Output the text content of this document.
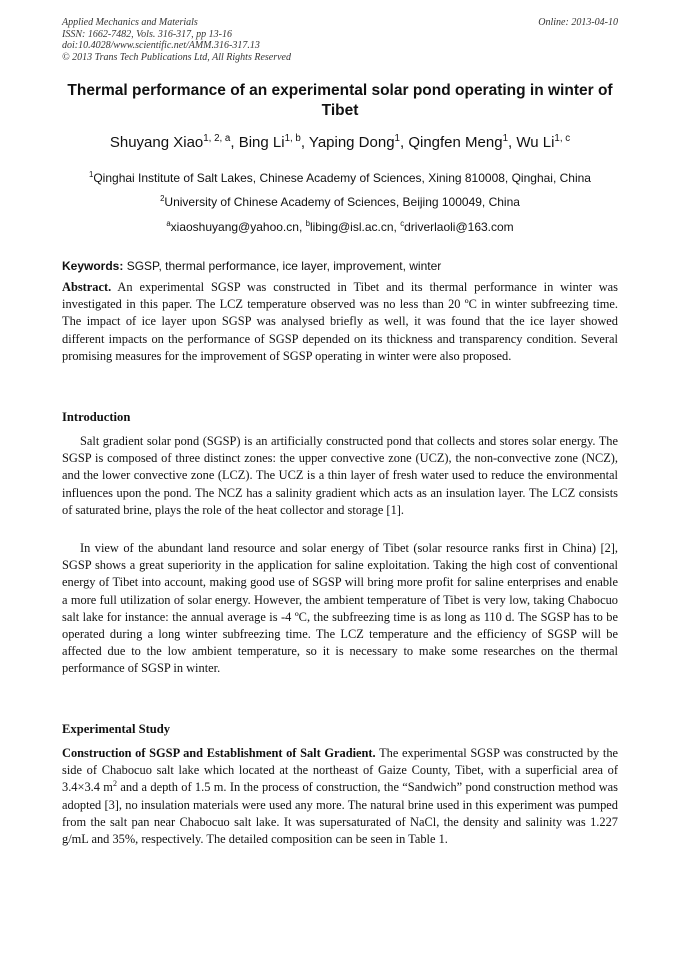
Applied Mechanics and Materials
ISSN: 1662-7482, Vols. 316-317, pp 13-16
doi:10.4028/www.scientific.net/AMM.316-317.13
© 2013 Trans Tech Publications Ltd, All Rights Reserved
Online: 2013-04-10
Thermal performance of an experimental solar pond operating in winter of Tibet
Shuyang Xiao$^{1, 2, a}$, Bing Li$^{1, b}$, Yaping Dong$^1$, Qingfen Meng$^1$, Wu Li$^{1, c}$
$^1$Qinghai Institute of Salt Lakes, Chinese Academy of Sciences, Xining 810008, Qinghai, China
$^2$University of Chinese Academy of Sciences, Beijing 100049, China
$^a$xiaoshuyang@yahoo.cn, $^b$libing@isl.ac.cn, $^c$driverlaoli@163.com
Keywords: SGSP, thermal performance, ice layer, improvement, winter
Abstract. An experimental SGSP was constructed in Tibet and its thermal performance in winter was investigated in this paper. The LCZ temperature observed was no less than 20 ºC in winter subfreezing time. The impact of ice layer upon SGSP was analysed briefly as well, it was found that the ice layer showed different impacts on the performance of SGSP depended on its thickness and transparency condition. Several promising measures for the improvement of SGSP operating in winter were also proposed.
Introduction
Salt gradient solar pond (SGSP) is an artificially constructed pond that collects and stores solar energy. The SGSP is composed of three distinct zones: the upper convective zone (UCZ), the non-convective zone (NCZ), and the lower convective zone (LCZ). The UCZ is a thin layer of fresh water used to reduce the environmental influences upon the pond. The NCZ has a salinity gradient which acts as an insulation layer. The LCZ consists of saturated brine, plays the role of the heat collector and storage [1].
In view of the abundant land resource and solar energy of Tibet (solar resource ranks first in China) [2], SGSP shows a great superiority in the application for saline exploitation. Taking the high cost of conventional energy of Tibet into account, making good use of SGSP will bring more profit for saline enterprises and enable a more full utilization of solar energy. However, the ambient temperature of Tibet is very low, taking Chabocuo salt lake for instance: the annual average is -4 ºC, the subfreezing time is as long as 110 d. The SGSP has to be operated during a long winter subfreezing time. The LCZ temperature and the efficiency of SGSP will be affected due to the low ambient temperature, so it is necessary to make some researches on the thermal performance of SGSP in winter.
Experimental Study
Construction of SGSP and Establishment of Salt Gradient. The experimental SGSP was constructed by the side of Chabocuo salt lake which located at the northeast of Gaize County, Tibet, with a superficial area of 3.4×3.4 $m^2$ and a depth of 1.5 m. In the process of construction, the “Sandwich” pond construction method was adopted [3], no insulation materials were used any more. The natural brine used in this experiment was pumped from the salt pan near Chabocuo salt lake. It was supersaturated of NaCl, the density and salinity was 1.227 g/mL and 35%, respectively. The detailed composition can be seen in Table 1.
